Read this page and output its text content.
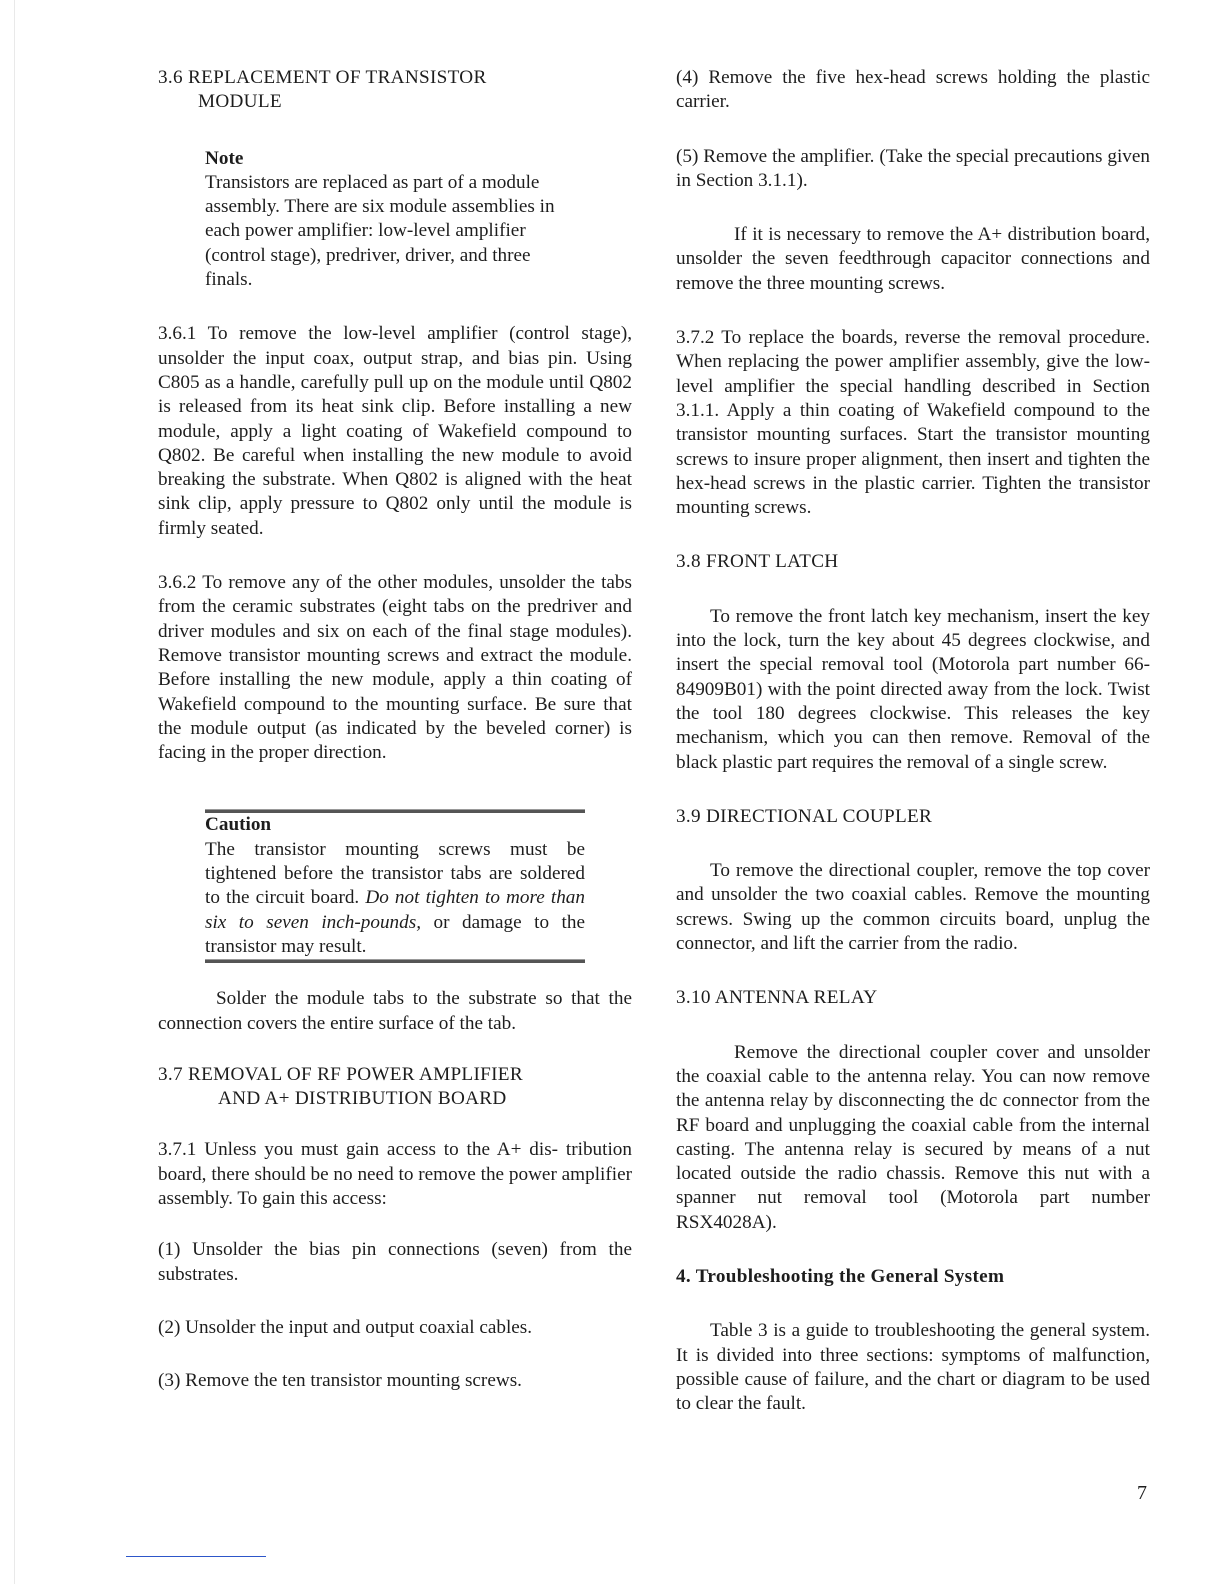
3.6 REPLACEMENT OF TRANSISTOR
MODULE

Note

Transistors are replaced as part of a module assembly. There are six module assemblies in each power amplifier: low-level amplifier (control stage), predriver, driver, and three finals.

3.6.1 To remove the low-level amplifier (control stage), unsolder the input coax, output strap, and bias pin. Using C805 as a handle, carefully pull up on the module until Q802 is released from its heat sink clip. Before installing a new module, apply a light coating of Wakefield compound to Q802. Be careful when installing the new module to avoid breaking the substrate. When Q802 is aligned with the heat sink clip, apply pressure to Q802 only until the module is firmly seated.

3.6.2 To remove any of the other modules, unsolder the tabs from the ceramic substrates (eight tabs on the predriver and driver modules and six on each of the final stage modules). Remove transistor mounting screws and extract the module. Before installing the new module, apply a thin coating of Wakefield compound to the mounting surface. Be sure that the module output (as indicated by the beveled corner) is facing in the proper direction.

Caution

The transistor mounting screws must be tightened before the transistor tabs are soldered to the circuit board. Do not tighten to more than six to seven inch-pounds, or damage to the transistor may result.

Solder the module tabs to the substrate so that the connection covers the entire surface of the tab.

3.7 REMOVAL OF RF POWER AMPLIFIER
AND A+ DISTRIBUTION BOARD

3.7.1 Unless you must gain access to the A+ dis- tribution board, there should be no need to remove the power amplifier assembly. To gain this access:

(1) Unsolder the bias pin connections (seven) from the substrates.

(2) Unsolder the input and output coaxial cables.

(3) Remove the ten transistor mounting screws.

(4) Remove the five hex-head screws holding the plastic carrier.

(5) Remove the amplifier. (Take the special precautions given in Section 3.1.1).

If it is necessary to remove the A+ distribution board, unsolder the seven feedthrough capacitor connections and remove the three mounting screws.

3.7.2 To replace the boards, reverse the removal procedure. When replacing the power amplifier assembly, give the low-level amplifier the special handling described in Section 3.1.1. Apply a thin coating of Wakefield compound to the transistor mounting surfaces. Start the transistor mounting screws to insure proper alignment, then insert and tighten the hex-head screws in the plastic carrier. Tighten the transistor mounting screws.

3.8 FRONT LATCH

To remove the front latch key mechanism, insert the key into the lock, turn the key about 45 degrees clockwise, and insert the special removal tool (Motorola part number 66-84909B01) with the point directed away from the lock. Twist the tool 180 degrees clockwise. This releases the key mechanism, which you can then remove. Removal of the black plastic part requires the removal of a single screw.

3.9 DIRECTIONAL COUPLER

To remove the directional coupler, remove the top cover and unsolder the two coaxial cables. Remove the mounting screws. Swing up the common circuits board, unplug the connector, and lift the carrier from the radio.

3.10 ANTENNA RELAY

Remove the directional coupler cover and unsolder the coaxial cable to the antenna relay. You can now remove the antenna relay by disconnecting the dc connector from the RF board and unplugging the coaxial cable from the internal casting. The antenna relay is secured by means of a nut located outside the radio chassis. Remove this nut with a spanner nut removal tool (Motorola part number RSX4028A).

4. Troubleshooting the General System

Table 3 is a guide to troubleshooting the general system. It is divided into three sections: symptoms of malfunction, possible cause of failure, and the chart or diagram to be used to clear the fault.

7
